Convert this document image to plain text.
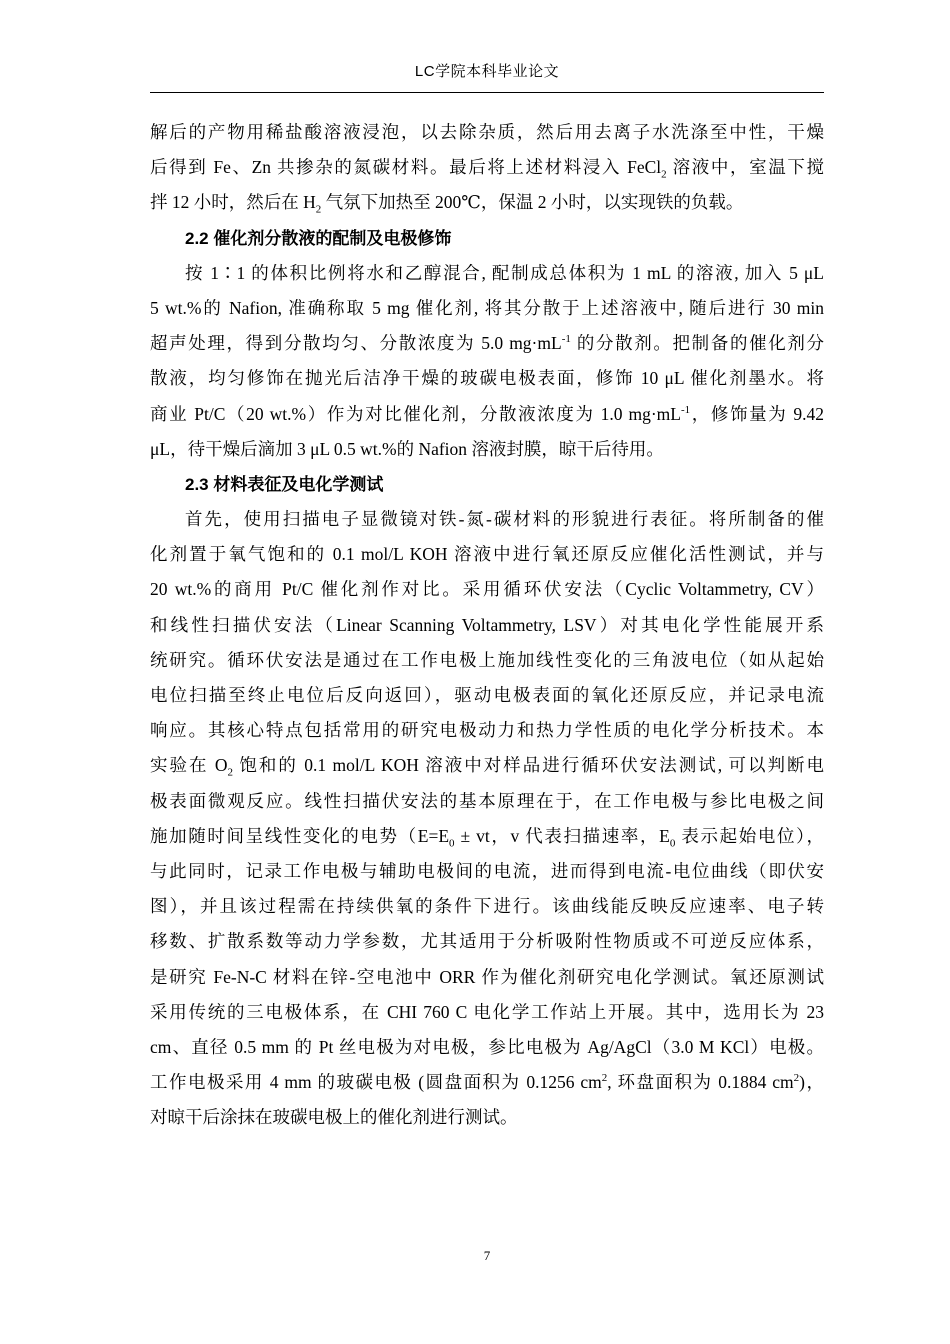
LC学院本科毕业论文
解后的产物用稀盐酸溶液浸泡，以去除杂质，然后用去离子水洗涤至中性，干燥
后得到 Fe、Zn 共掺杂的氮碳材料。最后将上述材料浸入 FeCl$_2$ 溶液中，室温下搅
拌 12 小时，然后在 $H_2$ 气氛下加热至 200℃，保温 2 小时，以实现铁的负载。
2.2 催化剂分散液的配制及电极修饰
按 1∶1 的体积比例将水和乙醇混合, 配制成总体积为 1 mL 的溶液, 加入 5 μL
5 wt.%的 Nafion, 准确称取 5 mg 催化剂, 将其分散于上述溶液中, 随后进行 30 min
超声处理，得到分散均匀、分散浓度为 5.0 $mg\cdot mL^{-1}$ 的分散剂。把制备的催化剂分
散液，均匀修饰在抛光后洁净干燥的玻碳电极表面，修饰 10 μL 催化剂墨水。将
商业 Pt/C（20 wt.%）作为对比催化剂，分散液浓度为 1.0 $mg\cdot mL^{-1}$，修饰量为 9.42
μL，待干燥后滴加 3 μL 0.5 wt.%的 Nafion 溶液封膜，晾干后待用。
2.3 材料表征及电化学测试
首先，使用扫描电子显微镜对铁-氮-碳材料的形貌进行表征。将所制备的催
化剂置于氧气饱和的 0.1 mol/L KOH 溶液中进行氧还原反应催化活性测试，并与
20 wt.%的商用 Pt/C 催化剂作对比。采用循环伏安法（Cyclic Voltammetry, CV）
和线性扫描伏安法（Linear Scanning Voltammetry, LSV）对其电化学性能展开系
统研究。循环伏安法是通过在工作电极上施加线性变化的三角波电位（如从起始
电位扫描至终止电位后反向返回），驱动电极表面的氧化还原反应，并记录电流
响应。其核心特点包括常用的研究电极动力和热力学性质的电化学分析技术。本
实验在 $O_2$ 饱和的 0.1 mol/L KOH 溶液中对样品进行循环伏安法测试, 可以判断电
极表面微观反应。线性扫描伏安法的基本原理在于，在工作电极与参比电极之间
施加随时间呈线性变化的电势（$E=E_0$ ± vt，v 代表扫描速率，$E_0$ 表示起始电位），
与此同时，记录工作电极与辅助电极间的电流，进而得到电流-电位曲线（即伏安
图），并且该过程需在持续供氧的条件下进行。该曲线能反映反应速率、电子转
移数、扩散系数等动力学参数，尤其适用于分析吸附性物质或不可逆反应体系，
是研究 Fe-N-C 材料在锌-空电池中 ORR 作为催化剂研究电化学测试。氧还原测试
采用传统的三电极体系，在 CHI 760 C 电化学工作站上开展。其中，选用长为 23
cm、直径 0.5 mm 的 Pt 丝电极为对电极，参比电极为 Ag/AgCl（3.0 M KCl）电极。
工作电极采用 4 mm 的玻碳电极 (圆盘面积为 0.1256 $cm^2$, 环盘面积为 0.1884 $cm^2$)，
对晾干后涂抹在玻碳电极上的催化剂进行测试。
7
